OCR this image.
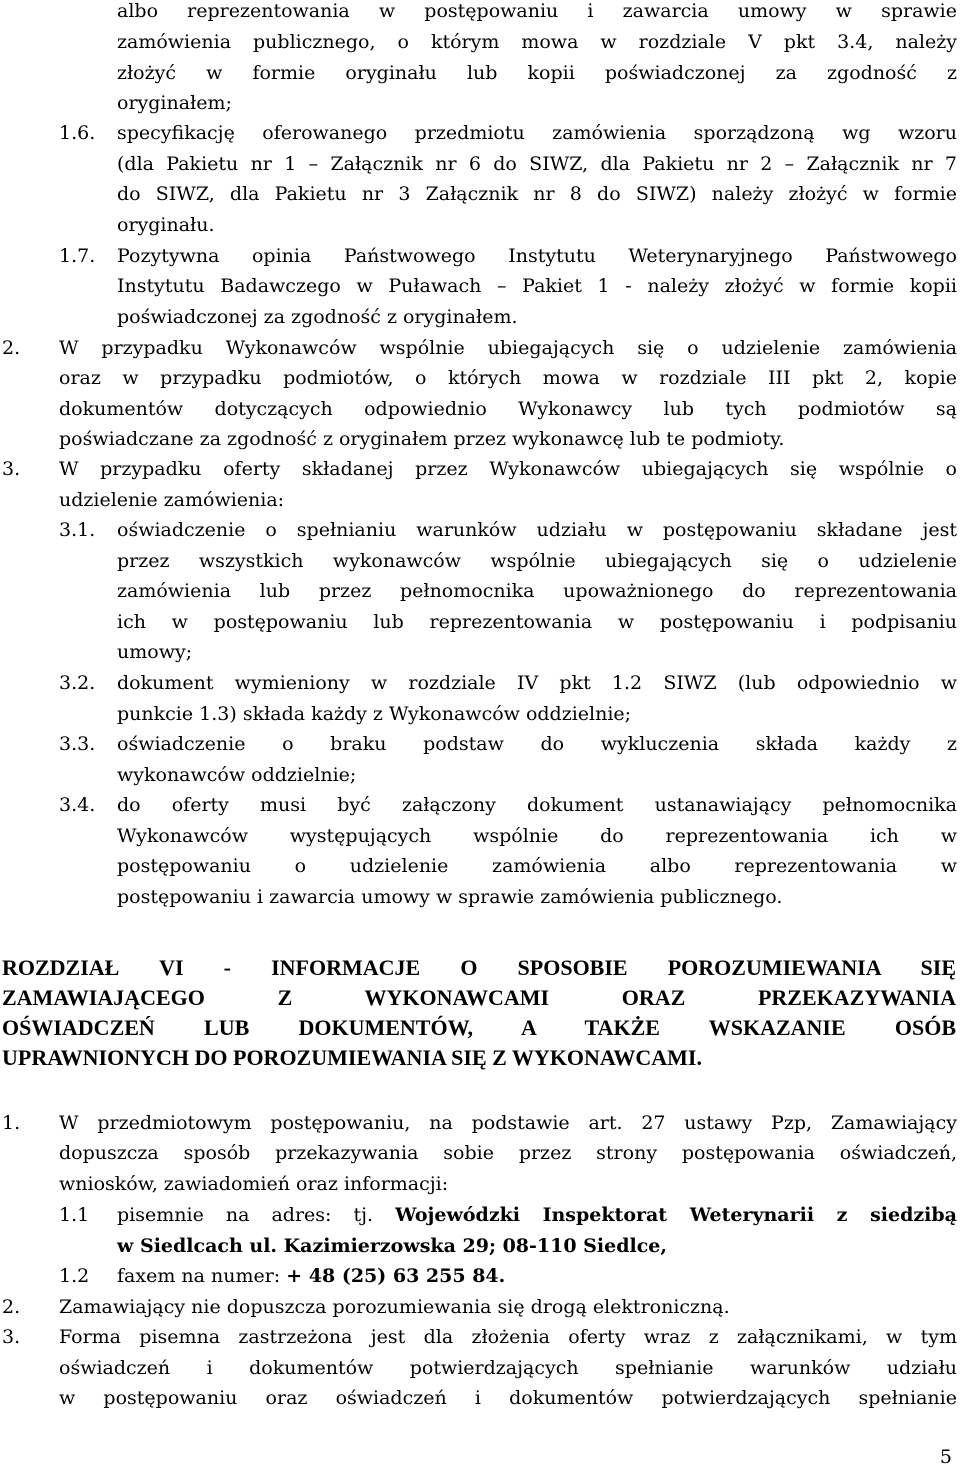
albo reprezentowania w postępowaniu i zawarcia umowy w sprawie
zamówienia publicznego, o którym mowa w rozdziale V pkt 3.4, należy
złożyć w formie oryginału lub kopii poświadczonej za zgodność z
oryginałem;
1.6. specyfikację oferowanego przedmiotu zamówienia sporządzoną wg wzoru
(dla Pakietu nr 1 – Załącznik nr 6 do SIWZ, dla Pakietu nr 2 – Załącznik nr 7
do SIWZ, dla Pakietu nr 3 Załącznik nr 8 do SIWZ) należy złożyć w formie
oryginału.
1.7. Pozytywna opinia Państwowego Instytutu Weterynaryjnego Państwowego
Instytutu Badawczego w Puławach – Pakiet 1 - należy złożyć w formie kopii
poświadczonej za zgodność z oryginałem.
2. W przypadku Wykonawców wspólnie ubiegających się o udzielenie zamówienia
oraz w przypadku podmiotów, o których mowa w rozdziale III pkt 2, kopie
dokumentów dotyczących odpowiednio Wykonawcy lub tych podmiotów są
poświadczane za zgodność z oryginałem przez wykonawcę lub te podmioty.
3. W przypadku oferty składanej przez Wykonawców ubiegających się wspólnie o
udzielenie zamówienia:
3.1. oświadczenie o spełnianiu warunków udziału w postępowaniu składane jest
przez wszystkich wykonawców wspólnie ubiegających się o udzielenie
zamówienia lub przez pełnomocnika upoważnionego do reprezentowania
ich w postępowaniu lub reprezentowania w postępowaniu i podpisaniu
umowy;
3.2. dokument wymieniony w rozdziale IV pkt 1.2 SIWZ (lub odpowiednio w
punkcie 1.3) składa każdy z Wykonawców oddzielnie;
3.3. oświadczenie o braku podstaw do wykluczenia składa każdy z
wykonawców oddzielnie;
3.4. do oferty musi być załączony dokument ustanawiający pełnomocnika
Wykonawców występujących wspólnie do reprezentowania ich w
postępowaniu o udzielenie zamówienia albo reprezentowania w
postępowaniu i zawarcia umowy w sprawie zamówienia publicznego.
ROZDZIAŁ VI - INFORMACJE O SPOSOBIE POROZUMIEWANIA SIĘ
ZAMAWIAJĄCEGO Z WYKONAWCAMI ORAZ PRZEKAZYWANIA
OŚWIADCZEŃ LUB DOKUMENTÓW, A TAKŻE WSKAZANIE OSÓB
UPRAWNIONYCH DO POROZUMIEWANIA SIĘ Z WYKONAWCAMI.
1. W przedmiotowym postępowaniu, na podstawie art. 27 ustawy Pzp, Zamawiający
dopuszcza sposób przekazywania sobie przez strony postępowania oświadczeń,
wniosków, zawiadomień oraz informacji:
1.1 pisemnie na adres: tj. Wojewódzki Inspektorat Weterynarii z siedzibą
w Siedlcach ul. Kazimierzowska 29; 08-110 Siedlce,
1.2 faxem na numer: + 48 (25) 63 255 84.
2. Zamawiający nie dopuszcza porozumiewania się drogą elektroniczną.
3. Forma pisemna zastrzeżona jest dla złożenia oferty wraz z załącznikami, w tym
oświadczeń i dokumentów potwierdzających spełnianie warunków udziału
w postępowaniu oraz oświadczeń i dokumentów potwierdzających spełnianie
5
